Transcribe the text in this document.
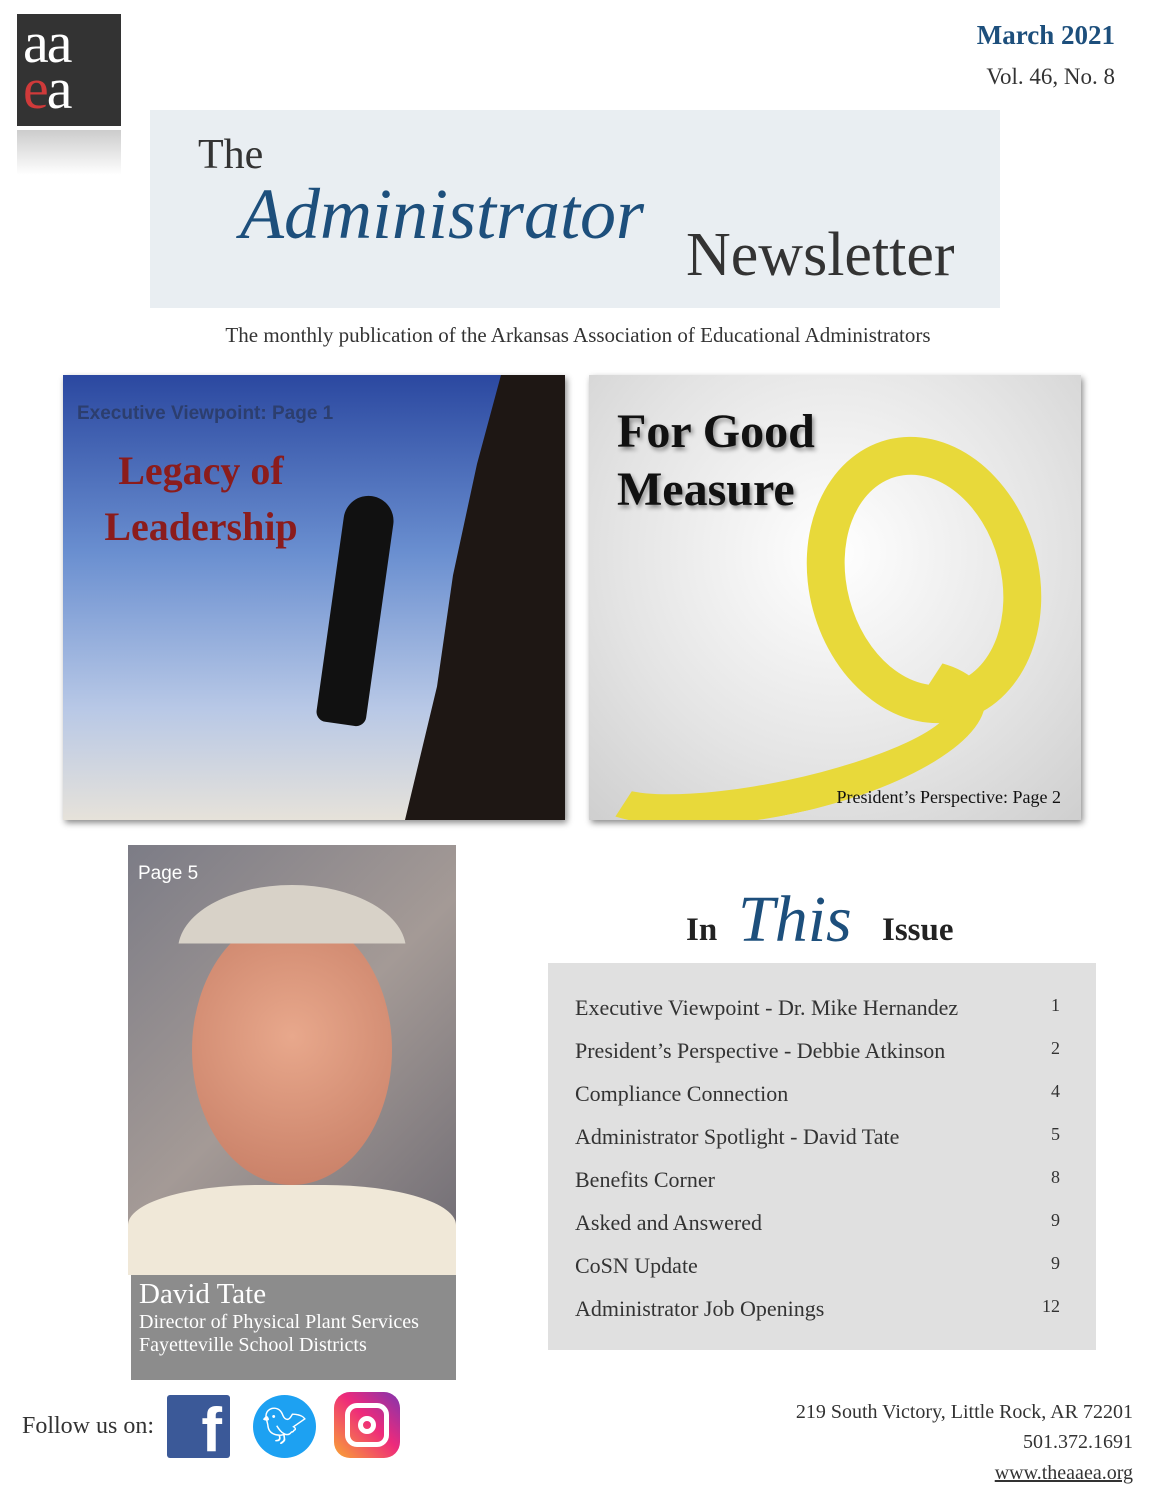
aa
ea
March 2021
Vol. 46, No. 8
The
Administrator
Newsletter
The monthly publication of the Arkansas Association of Educational Administrators
Executive Viewpoint: Page 1
Legacy of
Leadership
For Good
Measure
President’s Perspective: Page 2
Page 5
David Tate
Director of Physical Plant Services
Fayetteville School Districts
In This Issue
Executive Viewpoint - Dr. Mike Hernandez	1
President’s Perspective - Debbie Atkinson	2
Compliance Connection	4
Administrator Spotlight - David Tate	5
Benefits Corner	8
Asked and Answered	9
CoSN Update	9
Administrator Job Openings	12
Follow us on: f 🐦︎	219 South Victory, Little Rock, AR 72201
501.372.1691
www.theaaea.org
